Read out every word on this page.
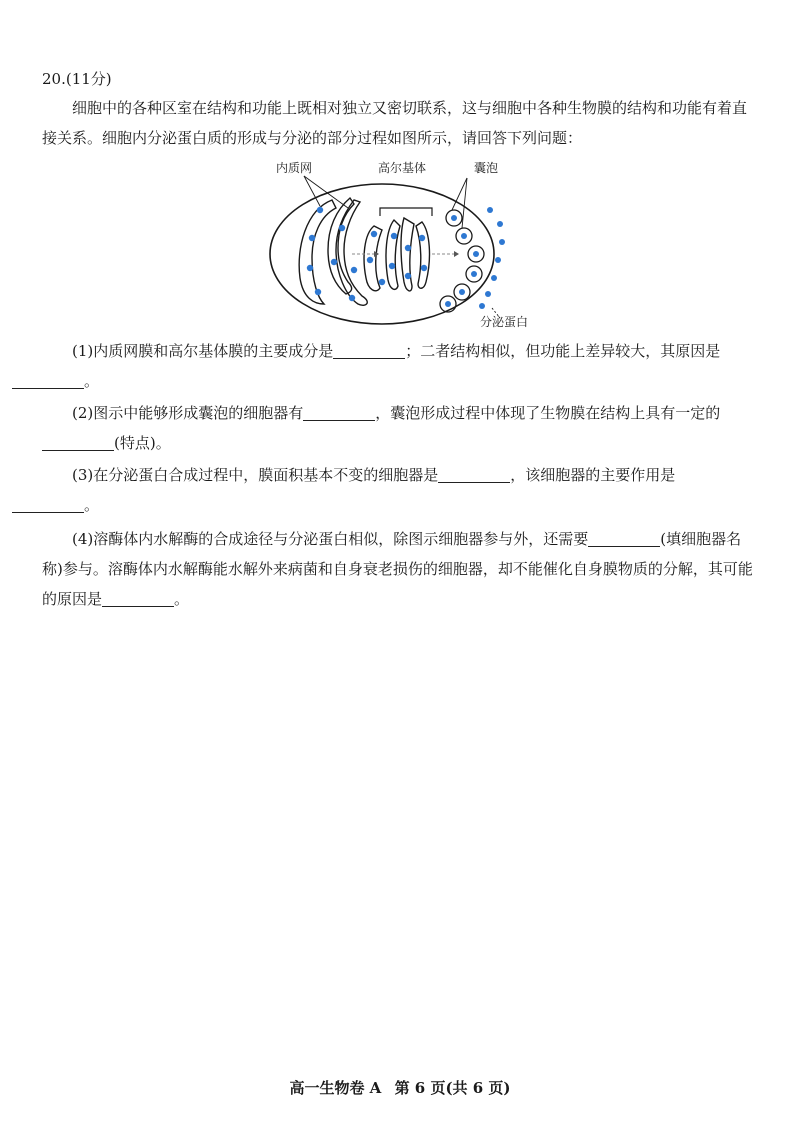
20.(11分)
细胞中的各种区室在结构和功能上既相对独立又密切联系，这与细胞中各种生物膜的结构和功能有着直接关系。细胞内分泌蛋白质的形成与分泌的部分过程如图所示，请回答下列问题：
内质网	高尔基体	囊泡
分泌蛋白
(1)内质网膜和高尔基体膜的主要成分是	；二者结构相似，但功能上差异较大，其原因是
。
(2)图示中能够形成囊泡的细胞器有	，囊泡形成过程中体现了生物膜在结构上具有一定的(特点)。
(3)在分泌蛋白合成过程中，膜面积基本不变的细胞器是	，该细胞器的主要作用是
。
(4)溶酶体内水解酶的合成途径与分泌蛋白相似，除图示细胞器参与外，还需要	(填细胞器名称)参与。溶酶体内水解酶能水解外来病菌和自身衰老损伤的细胞器，却不能催化自身膜物质的分解，其可能的原因是	。
高一生物卷 A 第 6 页(共 6 页)
